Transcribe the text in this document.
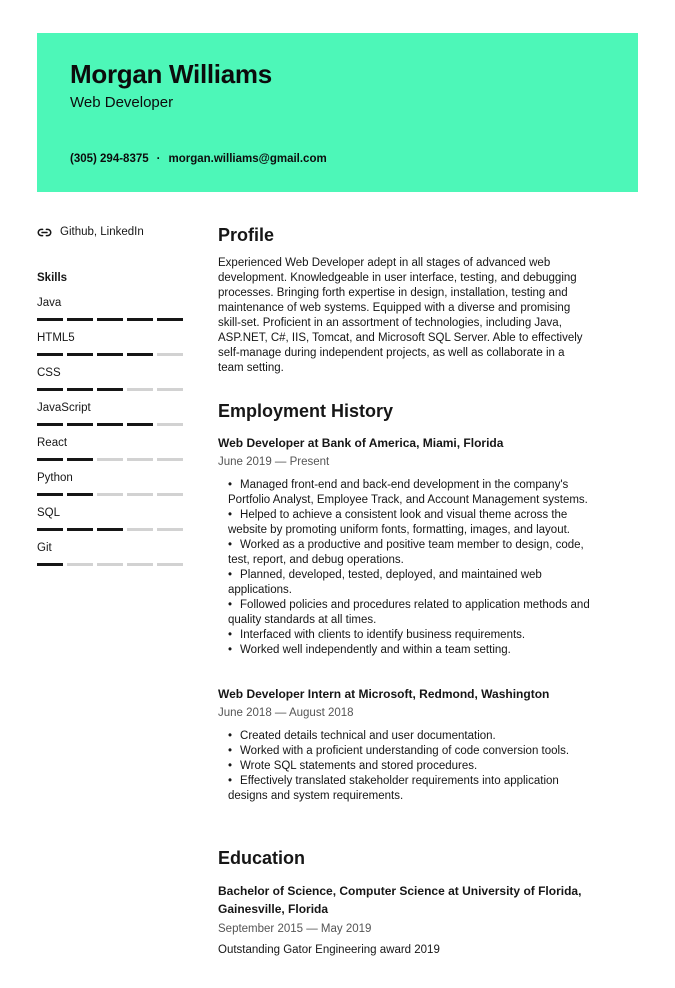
Morgan Williams
Web Developer
(305) 294-8375 · morgan.williams@gmail.com
Github, LinkedIn
Skills
Java
HTML5
CSS
JavaScript
React
Python
SQL
Git
Profile

Experienced Web Developer adept in all stages of advanced web development. Knowledgeable in user interface, testing, and debugging processes. Bringing forth expertise in design, installation, testing and maintenance of web systems. Equipped with a diverse and promising skill-set. Proficient in an assortment of technologies, including Java, ASP.NET, C#, IIS, Tomcat, and Microsoft SQL Server. Able to effectively self-manage during independent projects, as well as collaborate in a team setting.

Employment History
Web Developer at Bank of America, Miami, Florida
June 2019 — Present
• Managed front-end and back-end development in the company's Portfolio Analyst, Employee Track, and Account Management systems.
• Helped to achieve a consistent look and visual theme across the website by promoting uniform fonts, formatting, images, and layout.
• Worked as a productive and positive team member to design, code, test, report, and debug operations.
• Planned, developed, tested, deployed, and maintained web applications.
• Followed policies and procedures related to application methods and quality standards at all times.
• Interfaced with clients to identify business requirements.
• Worked well independently and within a team setting.
Web Developer Intern at Microsoft, Redmond, Washington
June 2018 — August 2018
• Created details technical and user documentation.
• Worked with a proficient understanding of code conversion tools.
• Wrote SQL statements and stored procedures.
• Effectively translated stakeholder requirements into application designs and system requirements.
Education
Bachelor of Science, Computer Science at University of Florida, Gainesville, Florida
September 2015 — May 2019
Outstanding Gator Engineering award 2019
